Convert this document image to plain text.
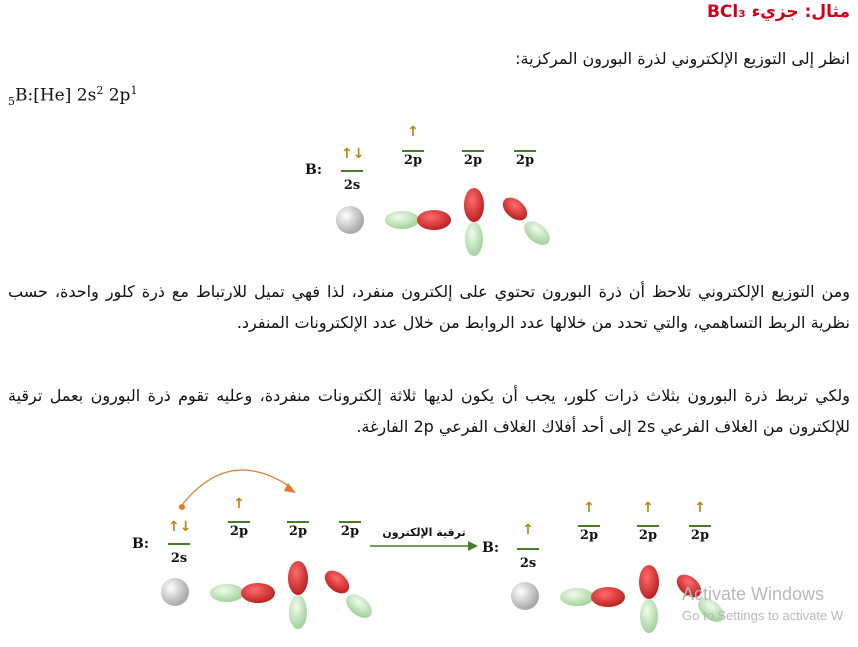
مثال: جزيء BCl₃
انظر إلى التوزيع الإلكتروني لذرة البورون المركزية:
$_5$B:[He] $2s^2$ $2p^1$
B:
↑↓
2s
↑
2p	2p	2p
ومن التوزيع الإلكتروني تلاحظ أن ذرة البورون تحتوي على إلكترون منفرد، لذا فهي تميل للارتباط مع ذرة كلور واحدة، حسب نظرية الربط التساهمي، والتي تحدد من خلالها عدد الروابط من خلال عدد الإلكترونات المنفرد.
ولكي تربط ذرة البورون بثلاث ذرات كلور، يجب أن يكون لديها ثلاثة إلكترونات منفردة، وعليه تقوم ذرة البورون بعمل ترقية للإلكترون من الغلاف الفرعي 2s إلى أحد أفلاك الغلاف الفرعي 2p الفارغة.
B:
↑↓
2s
↑
2p	2p	2p	ترقية الإلكترون
B:
↑
2s
↑
2p
↑
2p
↑
2p
Activate Windows
Go to Settings to activate W
